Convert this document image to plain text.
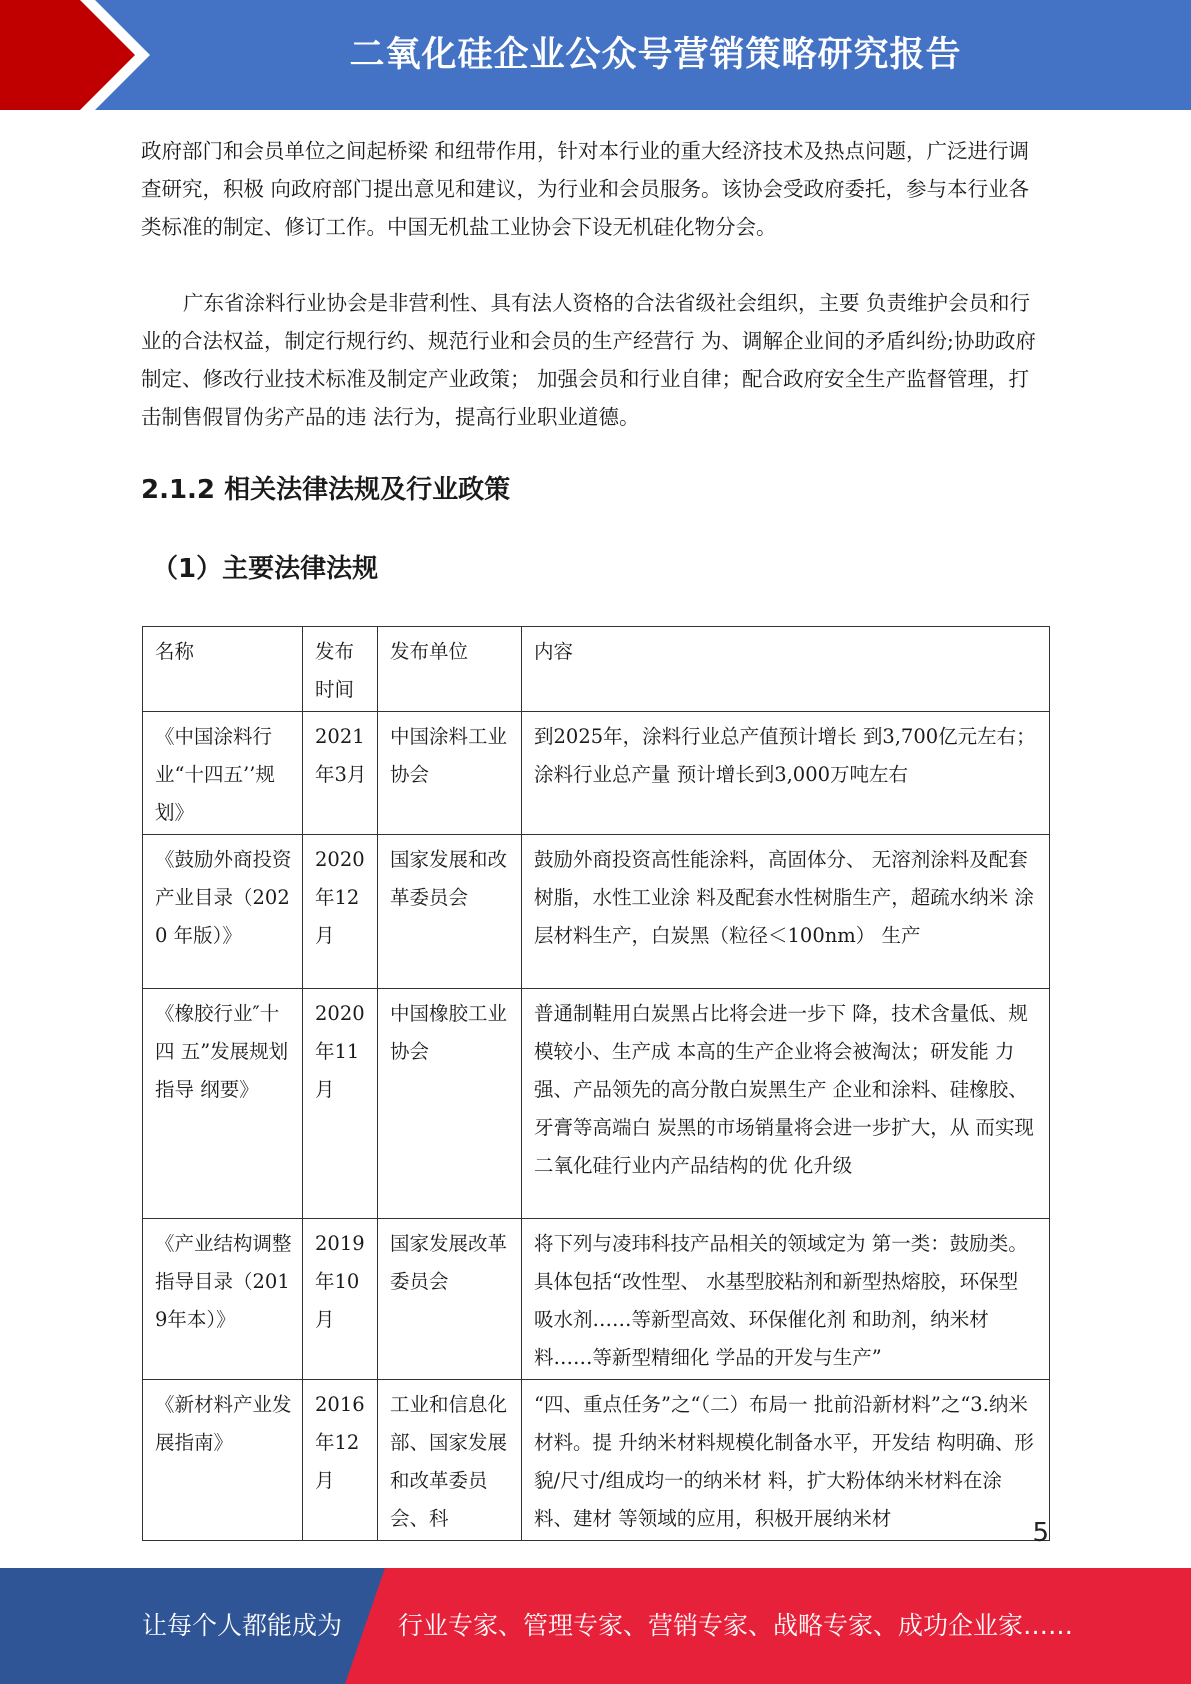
二氧化硅企业公众号营销策略研究报告

政府部门和会员单位之间起桥梁 和纽带作用，针对本行业的重大经济技术及热点问题，广泛进行调查研究，积极 向政府部门提出意见和建议，为行业和会员服务。该协会受政府委托，参与本行业各类标准的制定、修订工作。中国无机盐工业协会下设无机硅化物分会。

广东省涂料行业协会是非营利性、具有法人资格的合法省级社会组织，主要 负责维护会员和行业的合法权益，制定行规行约、规范行业和会员的生产经营行 为、调解企业间的矛盾纠纷;协助政府制定、修改行业技术标准及制定产业政策； 加强会员和行业自律；配合政府安全生产监督管理，打击制售假冒伪劣产品的违 法行为，提高行业职业道德。

2.1.2 相关法律法规及行业政策
（1）主要法律法规
名称	发布时间	发布单位	内容
《中国涂料行业“十四五’’规划》	2021年3月	中国涂料工业 协会	到2025年，涂料行业总产值预计增长 到3,700亿元左右；涂料行业总产量 预计增长到3,000万吨左右
《鼓励外商投资 产业目录（2020 年版）》	2020年12月	国家发展和改 革委员会	鼓励外商投资高性能涂料，高固体分、 无溶剂涂料及配套树脂，水性工业涂 料及配套水性树脂生产，超疏水纳米 涂层材料生产，白炭黑（粒径＜100nm） 生产
《橡胶行业″十四 五”发展规划指导 纲要》	2020年11月	中国橡胶工业 协会	普通制鞋用白炭黑占比将会进一步下 降，技术含量低、规模较小、生产成 本高的生产企业将会被淘汰；研发能 力强、产品领先的高分散白炭黑生产 企业和涂料、硅橡胶、牙膏等高端白 炭黑的市场销量将会进一步扩大，从 而实现二氧化硅行业内产品结构的优 化升级
《产业结构调整 指导目录（2019年本）》	2019年10月	国家发展改革 委员会	将下列与凌玮科技产品相关的领域定为 第一类：鼓励类。具体包括“改性型、 水基型胶粘剂和新型热熔胶，环保型 吸水剂……等新型高效、环保催化剂 和助剂，纳米材料……等新型精细化 学品的开发与生产”
《新材料产业发 展指南》	2016年12月	工业和信息化 部、国家发展 和改革委员 会、科	“四、重点任务”之“（二）布局一 批前沿新材料”之“3.纳米材料。提 升纳米材料规模化制备水平，开发结 构明确、形貌/尺寸/组成均一的纳米材 料，扩大粉体纳米材料在涂料、建材 等领域的应用，积极开展纳米材	5
让每个人都能成为 行业专家、管理专家、营销专家、战略专家、成功企业家……
